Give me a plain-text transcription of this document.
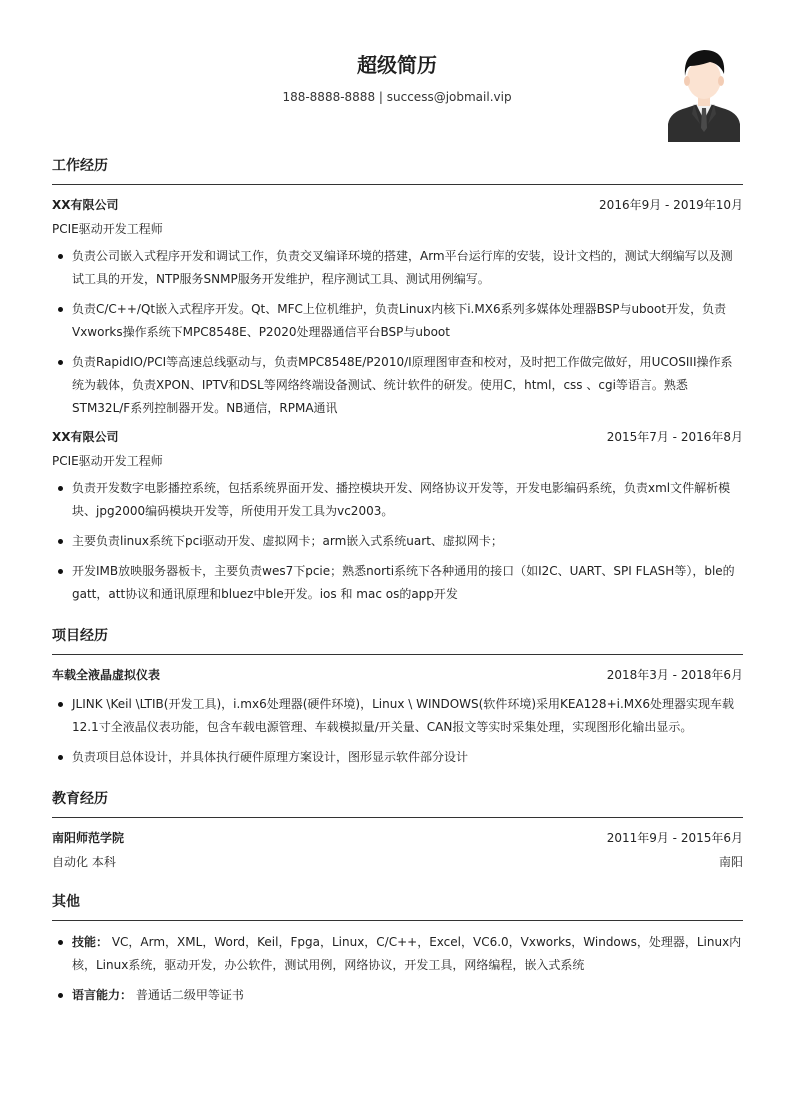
超级简历
188-8888-8888 | success@jobmail.vip
工作经历
XX有限公司	2016年9月 - 2019年10月
PCIE驱动开发工程师
负责公司嵌入式程序开发和调试工作，负责交叉编译环境的搭建，Arm平台运行库的安装，设计文档的，测试大纲编写以及测试工具的开发，NTP服务SNMP服务开发维护，程序测试工具、测试用例编写。
负责C/C++/Qt嵌入式程序开发。Qt、MFC上位机维护，负责Linux内核下i.MX6系列多媒体处理器BSP与uboot开发，负责Vxworks操作系统下MPC8548E、P2020处理器通信平台BSP与uboot
负责RapidIO/PCI等高速总线驱动与，负责MPC8548E/P2010/I原理图审查和校对，及时把工作做完做好，用UCOSIII操作系统为载体，负责XPON、IPTV和DSL等网络终端设备测试、统计软件的研发。使用C，html，css 、cgi等语言。熟悉STM32L/F系列控制器开发。NB通信，RPMA通讯
XX有限公司	2015年7月 - 2016年8月
PCIE驱动开发工程师
负责开发数字电影播控系统，包括系统界面开发、播控模块开发、网络协议开发等，开发电影编码系统，负责xml文件解析模块、jpg2000编码模块开发等，所使用开发工具为vc2003。
主要负责linux系统下pci驱动开发、虚拟网卡；arm嵌入式系统uart、虚拟网卡；
开发IMB放映服务器板卡，主要负责wes7下pcie；熟悉norti系统下各种通用的接口（如I2C、UART、SPI FLASH等），ble的gatt，att协议和通讯原理和bluez中ble开发。ios 和 mac os的app开发
项目经历
车载全液晶虚拟仪表	2018年3月 - 2018年6月
JLINK \Keil \LTIB(开发工具)，i.mx6处理器(硬件环境)，Linux \ WINDOWS(软件环境)采用KEA128+i.MX6处理器实现车载12.1寸全液晶仪表功能，包含车载电源管理、车载模拟量/开关量、CAN报文等实时采集处理，实现图形化输出显示。
负责项目总体设计，并具体执行硬件原理方案设计，图形显示软件部分设计
教育经历
南阳师范学院	2011年9月 - 2015年6月
自动化 本科	南阳
其他
技能： VC，Arm，XML，Word，Keil，Fpga，Linux，C/C++，Excel，VC6.0，Vxworks，Windows，处理器，Linux内核，Linux系统，驱动开发，办公软件，测试用例，网络协议，开发工具，网络编程，嵌入式系统
语言能力： 普通话二级甲等证书
